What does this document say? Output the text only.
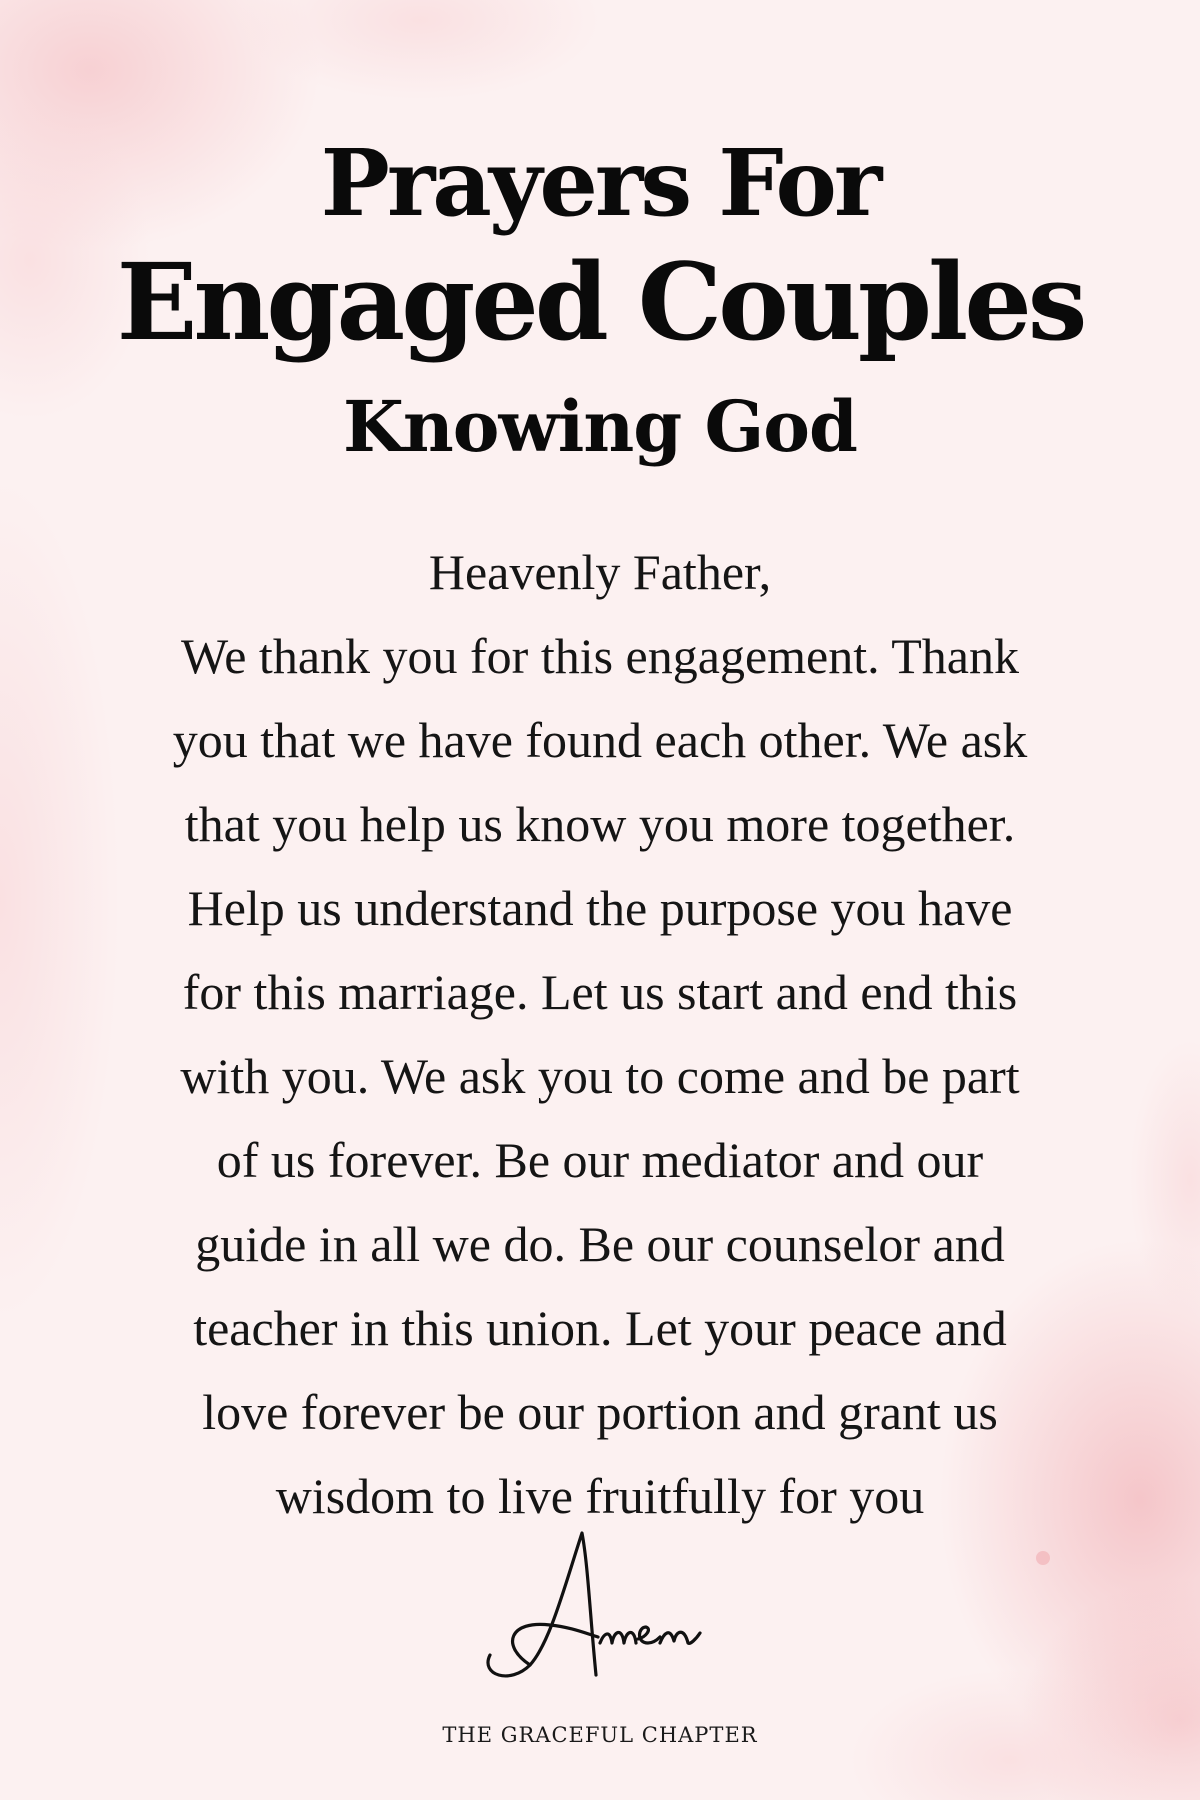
Prayers For
Engaged Couples
Knowing God
Heavenly Father,
We thank you for this engagement. Thank
you that we have found each other. We ask
that you help us know you more together.
Help us understand the purpose you have
for this marriage. Let us start and end this
with you. We ask you to come and be part
of us forever. Be our mediator and our
guide in all we do. Be our counselor and
teacher in this union. Let your peace and
love forever be our portion and grant us
wisdom to live fruitfully for you
THE GRACEFUL CHAPTER
